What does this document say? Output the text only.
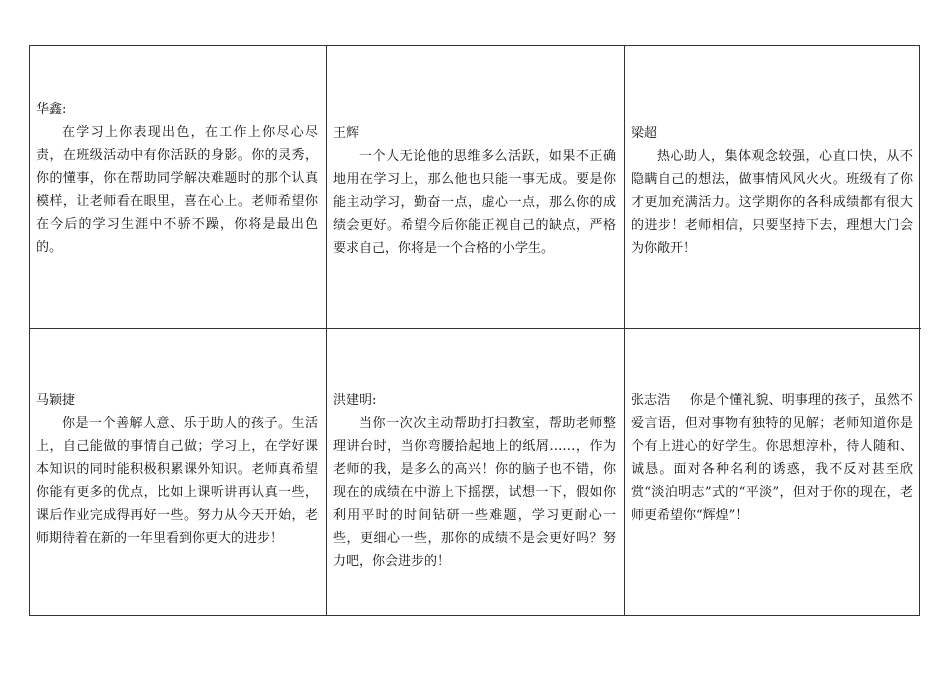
华鑫:

在学习上你表现出色，在工作上你尽心尽责，在班级活动中有你活跃的身影。你的灵秀，你的懂事，你在帮助同学解决难题时的那个认真模样，让老师看在眼里，喜在心上。老师希望你在今后的学习生涯中不骄不躁，你将是最出色的。

王辉

一个人无论他的思维多么活跃，如果不正确地用在学习上，那么他也只能一事无成。要是你能主动学习，勤奋一点，虚心一点，那么你的成绩会更好。希望今后你能正视自己的缺点，严格要求自己，你将是一个合格的小学生。

梁超

热心助人，集体观念较强，心直口快，从不隐瞒自己的想法，做事情风风火火。班级有了你才更加充满活力。这学期你的各科成绩都有很大的进步！老师相信，只要坚持下去，理想大门会为你敞开！

马颖捷

你是一个善解人意、乐于助人的孩子。生活上，自己能做的事情自己做；学习上，在学好课本知识的同时能积极积累课外知识。老师真希望你能有更多的优点，比如上课听讲再认真一些，课后作业完成得再好一些。努力从今天开始，老师期待着在新的一年里看到你更大的进步！

洪建明:

当你一次次主动帮助打扫教室，帮助老师整理讲台时，当你弯腰拾起地上的纸屑……，作为老师的我，是多么的高兴！你的脑子也不错，你现在的成绩在中游上下摇摆，试想一下，假如你利用平时的时间钻研一些难题，学习更耐心一些，更细心一些，那你的成绩不是会更好吗？努力吧，你会进步的！

张志浩 你是个懂礼貌、明事理的孩子，虽然不爱言语，但对事物有独特的见解；老师知道你是个有上进心的好学生。你思想淳朴，待人随和、诚恳。面对各种名利的诱惑，我不反对甚至欣赏“淡泊明志”式的“平淡”，但对于你的现在，老师更希望你“辉煌”！
